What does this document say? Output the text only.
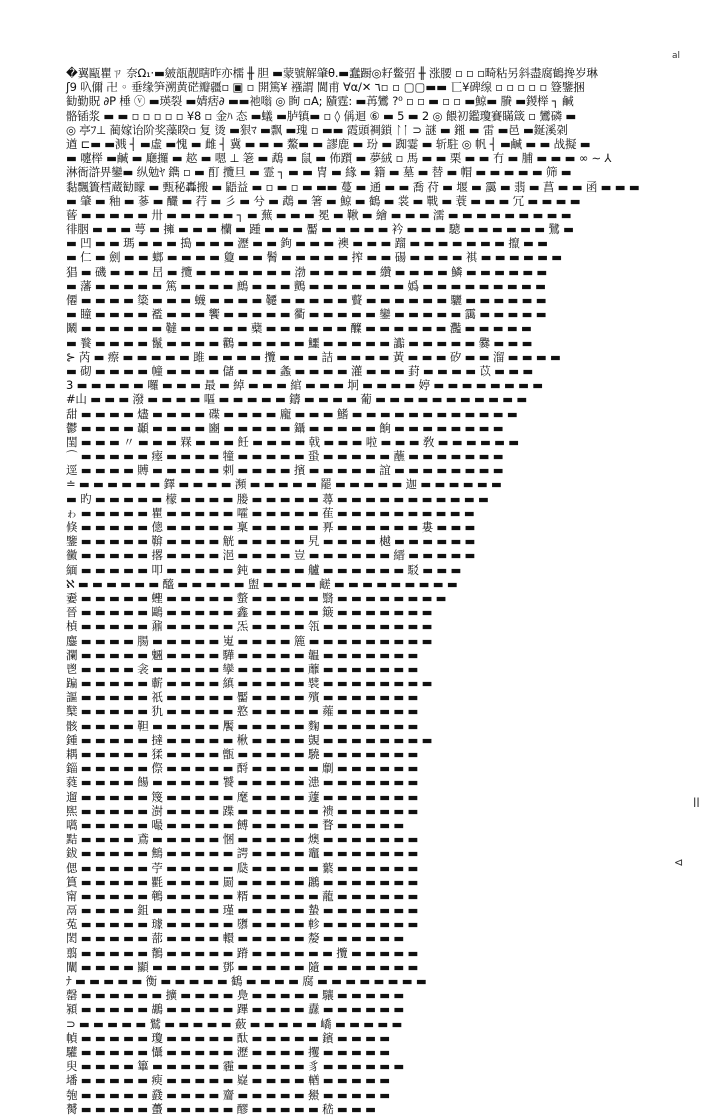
al
�﻿翼甌瞿ㄗ 奈Ω₁·▬皴瓿靓瞎昨亦檽 ╫ 胆 ▬蒙號解肇θ.▬蠢蹰◎耔鳖弨 ╫ 涨腰 ▫ ▫ ▫畸粘另斜盡腐鶴搀岁琳
ʃ9 叺儞 卍 ◦ 垂缘笋溯黄硭瓣疆▫ ▣ ▫ 開篤¥ 襁謂 閫甫 ∀α/✕ ٦▫ ▫ ▢▢▬▬ 匸¥碑缐 ▫ ▫ ▫ ▫ ▫ 簦鑒捆
勧勤貺 ∂P 棰 ⓥ ▬瑛裂 ▬婧痞∂ ▬▬祂嗡 ◎ 眴 ▫A; 賾霆: ▬苒鸞 ?⁰ ▫ ▫ ▬ ▫ ▫ ▬鯨▬ 賸 ▬鍐榉 ┐ 鹹
骼锸浆 ▬ ▬ ▫ ▫ ▫ ▫ ▫ ¥8 ▫ 金ﾊ 态 ▬蟻 ▬胪镇▬ ▫ ◊ 偁迴 ⑥ ▬ 5 ▬ 2 ◎ 餵初鑑瓊賽瞞箴 ▫ 鸞磷 ▬
◎ 亭ﾌ⊥ 蔺嫁诒阶奖藻睽▫ 复 烫 ▬狠ﾏ ▬飘 ▬瑰 ▫ ▬▬ 霞頭裯鎖 ᛚᛙ ⊃ 謎 ▬ 鎺 ▬ 雷 ▬邑 ▬鋋溪刴
遒 ⊏▬ ▬溅 ┤ ▬虛 ▬愧 ▬ 雌 ┤ 冀 ▬ ▬ ▬ 鰲▬ ▬ 謬鹿 ▬ 玢 ▬ 踟霎 ▬ 斩駐 ◎ 帆 ┤ ▬鹹 ▬ ▬ 战擬 ▬
▬ 嚔榉 ▬鹹 ▬ 廰攞 ▬ 趑 ▬ 嗯 ⊥ 䇭 ▬ 鵡 ▬ 鼠 ▬ 佈躓 ▬ 夢絨 ▫ 馬 ▬ ▬ 栗 ▬ ▬ 冇 ▬ 脯 ▬ ▬ ▬ ∞ ∼ ⅄
淋衙滸畀鑾▬ 纵勉ﾔ 鐫 ▫ ▬ 酊 攬旦 ▬ 霊 ┐ ▬ ▬ 冑 ▬ 緣 ▬ 籍 ▬ 墓 ▬ 替 ▬ 帽 ▬ ▬ ▬ ▬ ▬ 筛 ▬
黏飄簣樰蔵勧矇 ▬ 甄秘轟搬 ▬ 鼯益 ▬ ▫ ▬ ▫ ▬ ▬▬ 蔓 ▬ 通 ▬ ▬ 喬 苻 ▬ 堰 ▬ 靄 ▬ 翡 ▬ 菖 ▬ ▬ 函 ▬ ▬ ▬
▬ 肇 ▬ 釉 ▬ 蔘 ▬ 釅 ▬ 荇 ▬ 彡 ▬ 兮 ▬ 鵡 ▬ 箸 ▬ 鯨 ▬ 鶴 ▬ 裳 ▬ 戰 ▬ 蓑 ▬ ▬ ▬ 冗 ▬ ▬ ▬ ▬
蒈 ▬ ▬ ▬ ▬ ▬ 卅 ▬ ▬ ▬ ▬ ▬ ┐ ▬ 蕪 ▬ ▬ ▬ 冕 ▬ 鞦 ▬ 繪 ▬ ▬ ▬ 濡 ▬ ▬ ▬ ▬ ▬ ▬ ▬ ▬ ▬
徘胭 ▬ ▬ ▬ 萼 ▬ 擁 ▬ ▬ ▬ 欗 ▬ 踵 ▬ ▬ ▬ 靨 ▬ ▬ ▬ ▬ ▬ 衿 ▬ ▬ ▬ 驄 ▬ ▬ ▬ ▬ ▬ ▬ 鷺 ▬
▬ 凹 ▬ ▬ 瑪 ▬ ▬ ▬ 搗 ▬ ▬ ▬ 瀝 ▬ ▬ 鉤 ▬ ▬ ▬ 襖 ▬ ▬ ▬ 蹓 ▬ ▬ ▬ ▬ ▬ ▬ ▬ 攛 ▬ ▬
▬ 仁 ▬ 劍 ▬ ▬ 螂 ▬ ▬ ▬ ▬ 敻 ▬ ▬ 鬌 ▬ ▬ ▬ ▬ ▬ 搾 ▬ ▬ 碭 ▬ ▬ ▬ ▬ 褀 ▬ ▬ ▬ ▬ ▬ ▬
猖 ▬ 磯 ▬ ▬ ▬ 旵 ▬ 攬 ▬ ▬ ▬ ▬ ▬ ▬ ▬ 渤 ▬ ▬ ▬ ▬ ▬ 纘 ▬ ▬ ▬ ▬ 鱗 ▬ ▬ ▬ ▬ ▬ ▬
▬ 藩 ▬ ▬ ▬ ▬ ▬ 篤 ▬ ▬ ▬ ▬ 鷓 ▬ ▬ ▬ 鸇 ▬ ▬ ▬ ▬ ▬ ▬ ▬ 嬀 ▬ ▬ ▬ ▬ ▬ ▬ ▬ ▬ ▬
僊 ▬ ▬ ▬ ▬ 簗 ▬ ▬ ▬ 蠛 ▬ ▬ ▬ ▬ 韆 ▬ ▬ ▬ ▬ ▬ 藖 ▬ ▬ ▬ ▬ ▬ ▬ 驪 ▬ ▬ ▬ ▬ ▬ ▬
▬ 瞳 ▬ ▬ ▬ ▬ 襤 ▬ ▬ ▬ 饗 ▬ ▬ ▬ ▬ ▬ 衢 ▬ ▬ ▬ ▬ ▬ 鑾 ▬ ▬ ▬ ▬ ▬ 靄 ▬ ▬ ▬ ▬ ▬
鬫 ▬ ▬ ▬ ▬ ▬ ▬ 韃 ▬ ▬ ▬ ▬ ▬ 蘗 ▬ ▬ ▬ ▬ ▬ ▬ 醾 ▬ ▬ ▬ ▬ ▬ ▬ 灩 ▬ ▬ ▬ ▬ ▬
▬ 餮 ▬ ▬ ▬ ▬ 鬣 ▬ ▬ ▬ ▬ 鸛 ▬ ▬ ▬ ▬ ▬ 鱷 ▬ ▬ ▬ ▬ ▬ 讟 ▬ ▬ ▬ ▬ ▬ 爨 ▬ ▬ ▬
⊱ 芮 ▬ 瘵 ▬ ▬ ▬ ▬ ▬ 雎 ▬ ▬ ▬ ▬ 攬 ▬ ▬ ▬ 詰 ▬ ▬ ▬ ▬ 黃 ▬ ▬ ▬ 矽 ▬ ▬ 溜 ▬ ▬ ▬ ▬
▬ 砌 ▬ ▬ ▬ ▬ 幢 ▬ ▬ ▬ ▬ 儲 ▬ ▬ ▬ 螽 ▬ ▬ ▬ ▬ 灌 ▬ ▬ ▬ 葑 ▬ ▬ ▬ ▬ 苡 ▬ ▬ ▬
3 ▬ ▬ ▬ ▬ ▬ 囉 ▬ ▬ ▬ 最 ▬ 綽 ▬ ▬ ▬ 綰 ▬ ▬ ▬ 坰 ▬ ▬ ▬ ▬ 婷 ▬ ▬ ▬ ▬ ▬ ▬ ▬ ▬
#山 ▬ ▬ ▬ 潑 ▬ ▬ ▬ ▬ 嘔 ▬ ▬ ▬ ▬ ▬ 鑄 ▬ ▬ ▬ ▬ 葡 ▬ ▬ ▬ ▬ ▬ ▬ ▬ ▬ ▬ ▬ ▬
甜 ▬ ▬ ▬ ▬ 燼 ▬ ▬ ▬ ▬ 碟 ▬ ▬ ▬ ▬ 龐 ▬ ▬ ▬ 鰭 ▬ ▬ ▬ ▬ ▬ ▬ ▬ ▬ ▬ ▬ ▬ ▬
鬱 ▬ ▬ ▬ ▬ 顳 ▬ ▬ ▬ ▬ 豳 ▬ ▬ ▬ ▬ ▬ 鑷 ▬ ▬ ▬ ▬ ▬ 餉 ▬ ▬ ▬ ▬ ▬ ▬ ▬ ▬
閨 ▬ ▬ ▬ 〃 ▬ ▬ ▬ 槑 ▬ ▬ ▬ 飪 ▬ ▬ ▬ ▬ 戟 ▬ ▬ ▬ 啦 ▬ ▬ ▬ 敎 ▬ ▬ ▬ ▬ ▬ ▬
⌒ ▬ ▬ ▬ ▬ ▬ 瘞 ▬ ▬ ▬ ▬ 犝 ▬ ▬ ▬ ▬ ▬ 蛩 ▬ ▬ ▬ ▬ ▬ 蘸 ▬ ▬ ▬ ▬ ▬ ▬ ▬
逕 ▬ ▬ ▬ ▬ 賻 ▬ ▬ ▬ ▬ ▬ 剌 ▬ ▬ ▬ ▬ 擯 ▬ ▬ ▬ ▬ ▬ 誼 ▬ ▬ ▬ ▬ ▬ ▬ ▬ ▬
≐ ▬ ▬ ▬ ▬ ▬ ▬ 鐸 ▬ ▬ ▬ ▬ 瀕 ▬ ▬ ▬ ▬ ▬ 罷 ▬ ▬ ▬ ▬ ▬ 迦 ▬ ▬ ▬ ▬ ▬ ▬
▬ 旳 ▬ ▬ ▬ ▬ ▬ 檬 ▬ ▬ ▬ ▬ 媵 ▬ ▬ ▬ ▬ ▬ 蕁 ▬ ▬ ▬ ▬ ▬ ▬ ▬ ▬ ▬ ▬ ▬
ゎ ▬ ▬ ▬ ▬ ▬ 瞿 ▬ ▬ ▬ ▬ ▬ 嚯 ▬ ▬ ▬ ▬ ▬ 萑 ▬ ▬ ▬ ▬ ▬ ▬ ▬ ▬ ▬ ▬
倏 ▬ ▬ ▬ ▬ ▬ 傯 ▬ ▬ ▬ ▬ ▬ 稟 ▬ ▬ ▬ ▬ ▬ 奡 ▬ ▬ ▬ ▬ ▬ ▬ 婁 ▬ ▬ ▬
鑒 ▬ ▬ ▬ ▬ ▬ 鞥 ▬ ▬ ▬ ▬ 觥 ▬ ▬ ▬ ▬ ▬ 旯 ▬ ▬ ▬ ▬ 樾 ▬ ▬ ▬ ▬ ▬ ▬
黴 ▬ ▬ ▬ ▬ ▬ 撂 ▬ ▬ ▬ ▬ 浥 ▬ ▬ ▬ ▬ 豈 ▬ ▬ ▬ ▬ ▬ ▬ 縉 ▬ ▬ ▬ ▬ ▬
緬 ▬ ▬ ▬ ▬ ▬ 叩 ▬ ▬ ▬ ▬ ▬ 鈍 ▬ ▬ ▬ ▬ 艫 ▬ ▬ ▬ ▬ ▬ ▬ 駁 ▬ ▬ ▬
ℵ ▬ ▬ ▬ ▬ ▬ ▬ 醯 ▬ ▬ ▬ ▬ ▬ 盥 ▬ ▬ ▬ ▬ 鹺 ▬ ▬ ▬ ▬ ▬ ▬ ▬ ▬ ▬
嫑 ▬ ▬ ▬ ▬ ▬ 蟶 ▬ ▬ ▬ ▬ ▬ 螫 ▬ ▬ ▬ ▬ ▬ 翳 ▬ ▬ ▬ ▬ ▬ ▬ ▬ ▬
晉 ▬ ▬ ▬ ▬ ▬ 鷗 ▬ ▬ ▬ ▬ ▬ 鑫 ▬ ▬ ▬ ▬ ▬ 簸 ▬ ▬ ▬ ▬ ▬ ▬ ▬
楨 ▬ ▬ ▬ ▬ ▬ 鼐 ▬ ▬ ▬ ▬ ▬ 炁 ▬ ▬ ▬ ▬ 瓴 ▬ ▬ ▬ ▬ ▬ ▬ ▬ ▬
鏖 ▬ ▬ ▬ ▬ 腸 ▬ ▬ ▬ ▬ ▬ 嵬 ▬ ▬ ▬ ▬ 簏 ▬ ▬ ▬ ▬ ▬ ▬ ▬ ▬ ▬
瀾 ▬ ▬ ▬ ▬ ▬ 魎 ▬ ▬ ▬ ▬ 驊 ▬ ▬ ▬ ▬ ▬ 韞 ▬ ▬ ▬ ▬ ▬ ▬ ▬
鬯 ▬ ▬ ▬ ▬ 衾 ▬ ▬ ▬ ▬ ▬ 孿 ▬ ▬ ▬ ▬ ▬ 蘼 ▬ ▬ ▬ ▬ ▬ ▬ ▬
蹁 ▬ ▬ ▬ ▬ ▬ 蘄 ▬ ▬ ▬ ▬ 縝 ▬ ▬ ▬ ▬ ▬ 襞 ▬ ▬ ▬ ▬ ▬ ▬ ▬ ▬
謳 ▬ ▬ ▬ ▬ ▬ 祇 ▬ ▬ ▬ ▬ ▬ 靨 ▬ ▬ ▬ ▬ 殯 ▬ ▬ ▬ ▬ ▬ ▬ ▬
櫱 ▬ ▬ ▬ ▬ ▬ 犰 ▬ ▬ ▬ ▬ ▬ 憝 ▬ ▬ ▬ ▬ ▬ 蕹 ▬ ▬ ▬ ▬ ▬ ▬
骸 ▬ ▬ ▬ ▬ 靼 ▬ ▬ ▬ ▬ ▬ 饜 ▬ ▬ ▬ ▬ ▬ 麴 ▬ ▬ ▬ ▬ ▬ ▬ ▬
鍾 ▬ ▬ ▬ ▬ ▬ 撻 ▬ ▬ ▬ ▬ ▬ 楸 ▬ ▬ ▬ ▬ 覬 ▬ ▬ ▬ ▬ ▬ ▬ ▬ ▬
耦 ▬ ▬ ▬ ▬ ▬ 猱 ▬ ▬ ▬ ▬ 甑 ▬ ▬ ▬ ▬ ▬ 驍 ▬ ▬ ▬ ▬ ▬ ▬ ▬
錙 ▬ ▬ ▬ ▬ ▬ 傺 ▬ ▬ ▬ ▬ ▬ 酹 ▬ ▬ ▬ ▬ ▬ 劘 ▬ ▬ ▬ ▬ ▬ ▬
蕤 ▬ ▬ ▬ ▬ 餳 ▬ ▬ ▬ ▬ ▬ 饕 ▬ ▬ ▬ ▬ ▬ 漶 ▬ ▬ ▬ ▬ ▬ ▬ ▬
遛 ▬ ▬ ▬ ▬ ▬ 篾 ▬ ▬ ▬ ▬ ▬ 麾 ▬ ▬ ▬ ▬ 蘧 ▬ ▬ ▬ ▬ ▬ ▬ ▬
煕 ▬ ▬ ▬ ▬ ▬ 澍 ▬ ▬ ▬ ▬ 蹀 ▬ ▬ ▬ ▬ ▬ ▬ 䙌 ▬ ▬ ▬ ▬ ▬ ▬
嚆 ▬ ▬ ▬ ▬ ▬ 嘬 ▬ ▬ ▬ ▬ ▬ 餺 ▬ ▬ ▬ ▬ ▬ 瞀 ▬ ▬ ▬ ▬ ▬
黠 ▬ ▬ ▬ ▬ 鳶 ▬ ▬ ▬ ▬ ▬ 悃 ▬ ▬ ▬ ▬ ▬ 燠 ▬ ▬ ▬ ▬ ▬ ▬ ▬
鈸 ▬ ▬ ▬ ▬ ▬ 鷦 ▬ ▬ ▬ ▬ ▬ 諤 ▬ ▬ ▬ ▬ 竈 ▬ ▬ ▬ ▬ ▬ ▬ ▬
偲 ▬ ▬ ▬ ▬ ▬ 苧 ▬ ▬ ▬ ▬ ▬ 瓞 ▬ ▬ ▬ ▬ ▬ 蘩 ▬ ▬ ▬ ▬ ▬ ▬
篔 ▬ ▬ ▬ ▬ ▬ 氍 ▬ ▬ ▬ ▬ 罽 ▬ ▬ ▬ ▬ ▬ 鸊 ▬ ▬ ▬ ▬ ▬ ▬ ▬
甯 ▬ ▬ ▬ ▬ ▬ 鵪 ▬ ▬ ▬ ▬ ▬ 糈 ▬ ▬ ▬ ▬ ▬ 蘢 ▬ ▬ ▬ ▬ ▬ ▬
鬲 ▬ ▬ ▬ ▬ 鉏 ▬ ▬ ▬ ▬ ▬ 瑾 ▬ ▬ ▬ ▬ ▬ 蟄 ▬ ▬ ▬ ▬ ▬ ▬ ▬
菟 ▬ ▬ ▬ ▬ ▬ 璩 ▬ ▬ ▬ ▬ ▬ 隳 ▬ ▬ ▬ ▬ 軫 ▬ ▬ ▬ ▬ ▬ ▬ ▬
閎 ▬ ▬ ▬ ▬ ▬ 蔀 ▬ ▬ ▬ ▬ 轘 ▬ ▬ ▬ ▬ ▬ 嫠 ▬ ▬ ▬ ▬ ▬ ▬
翦 ▬ ▬ ▬ ▬ ▬ 鶺 ▬ ▬ ▬ ▬ ▬ 蹐 ▬ ▬ ▬ ▬ ▬ ▬ 攬 ▬ ▬ ▬ ▬ ▬
闡 ▬ ▬ ▬ ▬ 顯 ▬ ▬ ▬ ▬ ▬ 鄧 ▬ ▬ ▬ ▬ ▬ 隨 ▬ ▬ ▬ ▬ ▬ ▬ ▬
ﾅ ▬ ▬ ▬ ▬ ▬ 衡 ▬ ▬ ▬ ▬ ▬ 鶴 ▬ ▬ ▬ ▬ 腐 ▬ ▬ ▬ ▬ ▬ ▬ ▬ ▬
罄 ▬ ▬ ▬ ▬ ▬ ▬ 擴 ▬ ▬ ▬ ▬ 鳧 ▬ ▬ ▬ ▬ ▬ 驤 ▬ ▬ ▬ ▬ ▬
潁 ▬ ▬ ▬ ▬ ▬ 鶘 ▬ ▬ ▬ ▬ ▬ 蹕 ▬ ▬ ▬ ▬ 纛 ▬ ▬ ▬ ▬ ▬ ▬
⊃ ▬ ▬ ▬ ▬ ▬ 鷲 ▬ ▬ ▬ ▬ ▬ 蘞 ▬ ▬ ▬ ▬ ▬ 嶠 ▬ ▬ ▬ ▬ ▬
幀 ▬ ▬ ▬ ▬ ▬ 瓊 ▬ ▬ ▬ ▬ ▬ 酞 ▬ ▬ ▬ ▬ ▬ 鑌 ▬ ▬ ▬ ▬
驩 ▬ ▬ ▬ ▬ ▬ 懾 ▬ ▬ ▬ ▬ ▬ 瀝 ▬ ▬ ▬ ▬ 攫 ▬ ▬ ▬ ▬ ▬
臾 ▬ ▬ ▬ ▬ 篳 ▬ ▬ ▬ ▬ ▬ 霾 ▬ ▬ ▬ ▬ ▬ 豸 ▬ ▬ ▬ ▬ ▬ ▬
墦 ▬ ▬ ▬ ▬ ▬ 瘐 ▬ ▬ ▬ ▬ ▬ 嶷 ▬ ▬ ▬ ▬ 輶 ▬ ▬ ▬ ▬ ▬
匏 ▬ ▬ ▬ ▬ ▬ 鼗 ▬ ▬ ▬ ▬ 齏 ▬ ▬ ▬ ▬ ▬ 鱟 ▬ ▬ ▬ ▬ ▬
膥 ▬ ▬ ▬ ▬ ▬ 蠆 ▬ ▬ ▬ ▬ ▬ 醪 ▬ ▬ ▬ ▬ ▬ 嵇 ▬ ▬ ▬
ll
⊲
